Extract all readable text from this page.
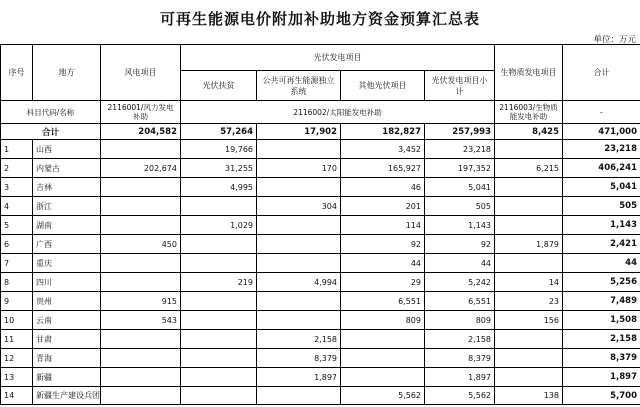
可再生能源电价附加补助地方资金预算汇总表
单位：万元
序号	地方	风电项目	光伏发电项目				生物质发电项目	合计
			光伏扶贫	公共可再生能源独立系统	其他光伏项目	光伏发电项目小计		
科目代码/名称		2116001/风力发电补助	2116002/太阳能发电补助				2116003/生物质能发电补助	-
合计		204,582	57,264	17,902	182,827	257,993	8,425	471,000
1	山西		19,766		3,452	23,218		23,218
2	内蒙古	202,674	31,255	170	165,927	197,352	6,215	406,241
3	吉林		4,995		46	5,041		5,041
4	浙江			304	201	505		505
5	湖南		1,029		114	1,143		1,143
6	广西	450			92	92	1,879	2,421
7	重庆				44	44		44
8	四川		219	4,994	29	5,242	14	5,256
9	贵州	915			6,551	6,551	23	7,489
10	云南	543			809	809	156	1,508
11	甘肃			2,158		2,158		2,158
12	青海			8,379		8,379		8,379
13	新疆			1,897		1,897		1,897
14	新疆生产建设兵团				5,562	5,562	138	5,700
